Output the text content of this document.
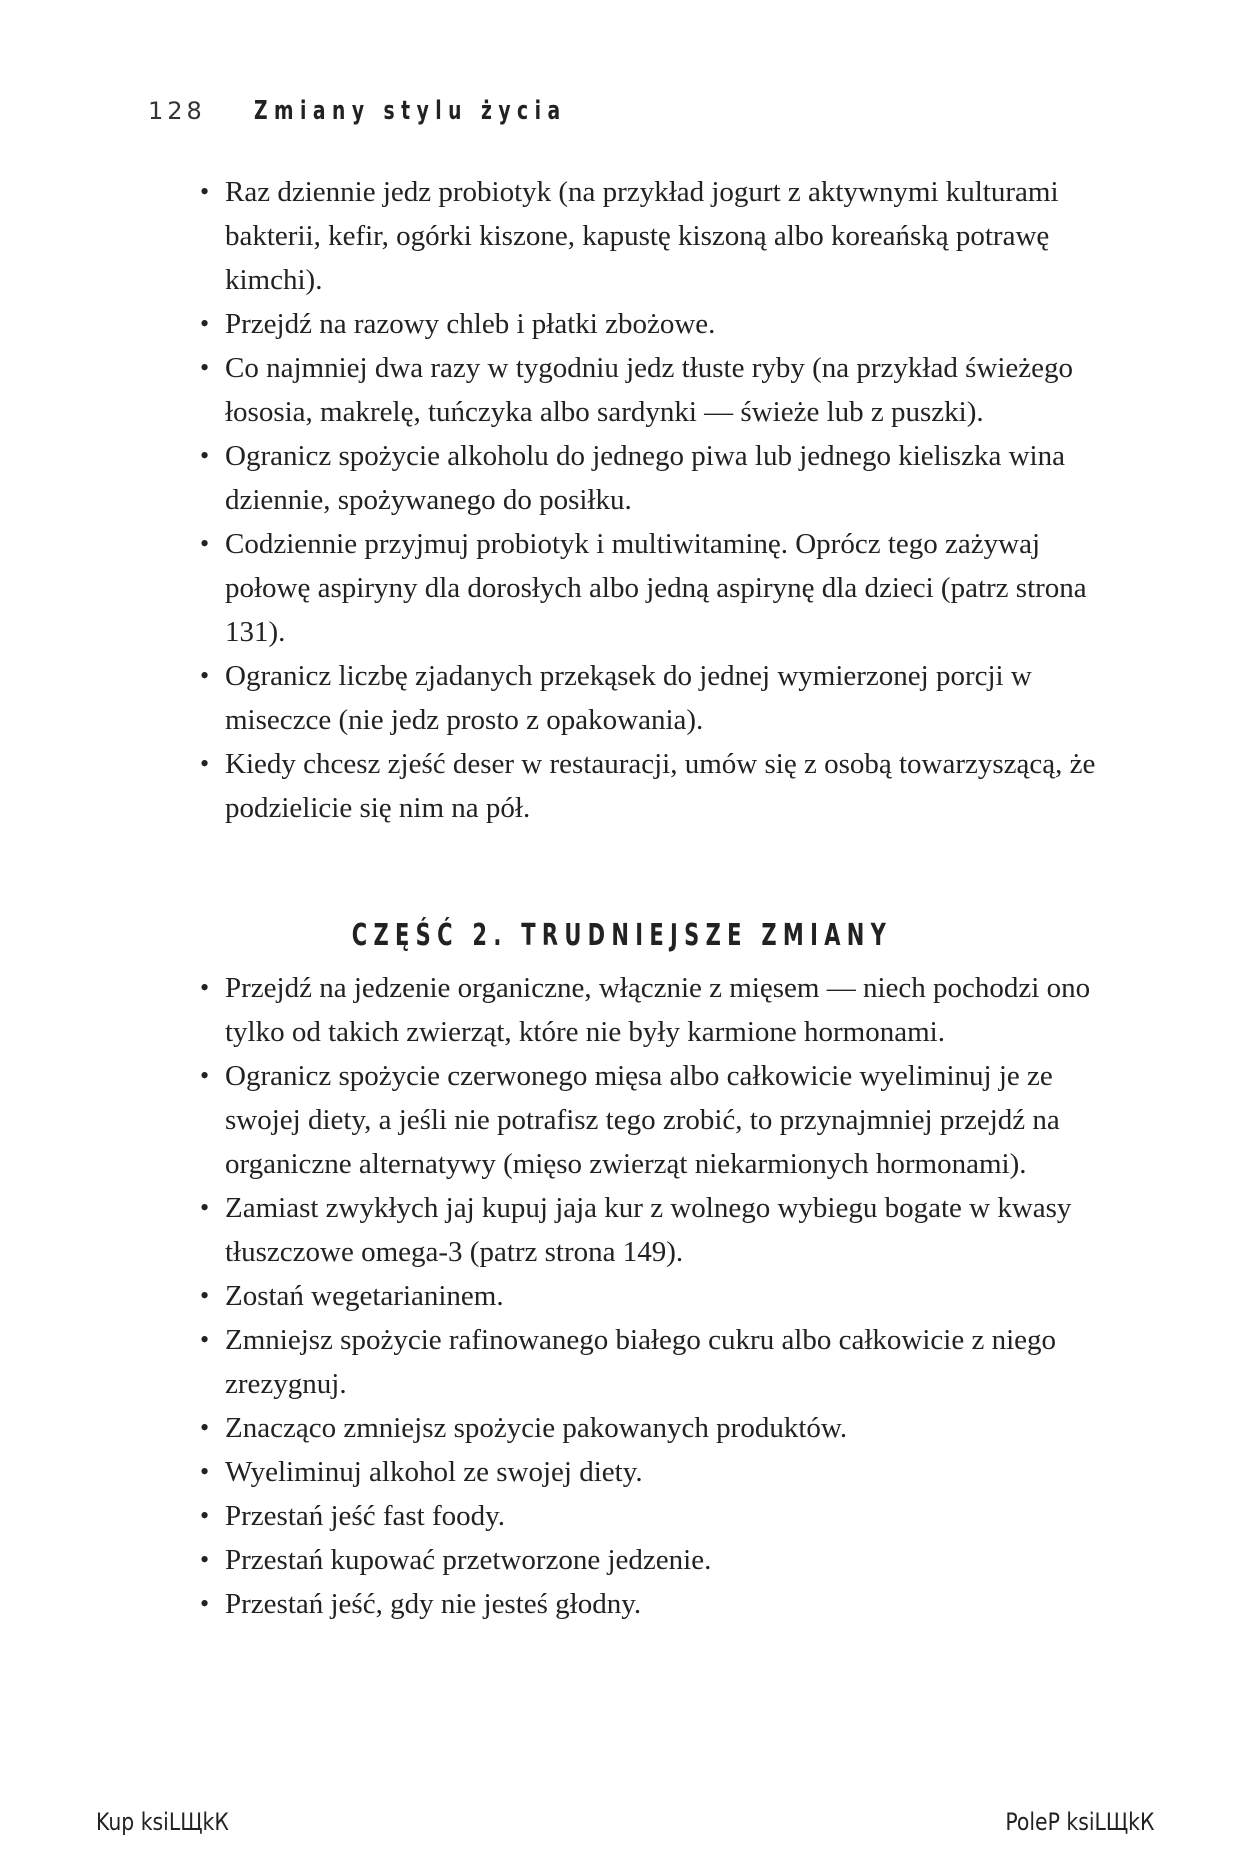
128 Zmiany stylu życia
• Raz dziennie jedz probiotyk (na przykład jogurt z aktywnymi kulturami bakterii, kefir, ogórki kiszone, kapustę kiszoną albo koreańską potrawę kimchi).
• Przejdź na razowy chleb i płatki zbożowe.
• Co najmniej dwa razy w tygodniu jedz tłuste ryby (na przykład świeżego łososia, makrelę, tuńczyka albo sardynki — świeże lub z puszki).
• Ogranicz spożycie alkoholu do jednego piwa lub jednego kieliszka wina dziennie, spożywanego do posiłku.
• Codziennie przyjmuj probiotyk i multiwitaminę. Oprócz tego zażywaj połowę aspiryny dla dorosłych albo jedną aspirynę dla dzieci (patrz strona 131).
• Ogranicz liczbę zjadanych przekąsek do jednej wymierzonej porcji w miseczce (nie jedz prosto z opakowania).
• Kiedy chcesz zjeść deser w restauracji, umów się z osobą towarzyszącą, że podzielicie się nim na pół.
CZĘŚĆ 2. TRUDNIEJSZE ZMIANY
• Przejdź na jedzenie organiczne, włącznie z mięsem — niech pochodzi ono tylko od takich zwierząt, które nie były karmione hormonami.
• Ogranicz spożycie czerwonego mięsa albo całkowicie wyeliminuj je ze swojej diety, a jeśli nie potrafisz tego zrobić, to przynajmniej przejdź na organiczne alternatywy (mięso zwierząt niekarmionych hormonami).
• Zamiast zwykłych jaj kupuj jaja kur z wolnego wybiegu bogate w kwasy tłuszczowe omega-3 (patrz strona 149).
• Zostań wegetarianinem.
• Zmniejsz spożycie rafinowanego białego cukru albo całkowicie z niego zrezygnuj.
• Znacząco zmniejsz spożycie pakowanych produktów.
• Wyeliminuj alkohol ze swojej diety.
• Przestań jeść fast foody.
• Przestań kupować przetworzone jedzenie.
• Przestań jeść, gdy nie jesteś głodny.
Kup ksiLЩkК	PoleР ksiLЩkК
